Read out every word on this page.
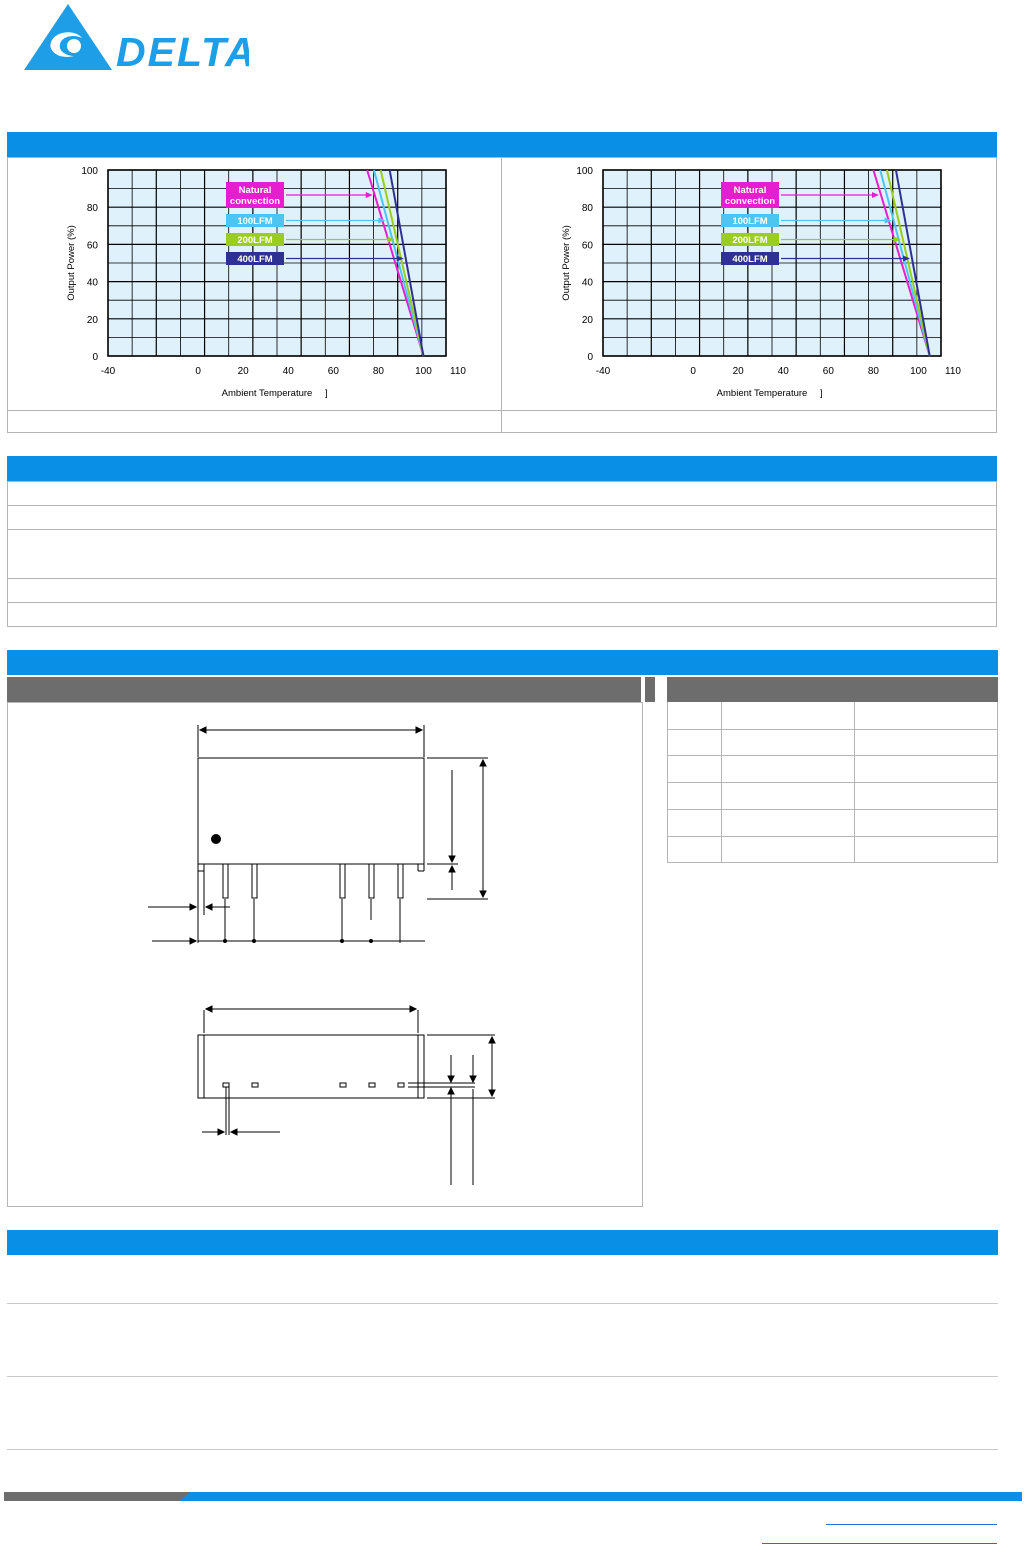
DELTA
100
80
60
40
20
0
-40	0	20	40	60	80	100 110
Output Power (%)
Ambient Temperature ]
Natural convection
100LFM
200LFM
400LFM
100
80
60
40
20
0
-40	0	20	40	60	80	100 110
Output Power (%)
Ambient Temperature ]
Natural convection
100LFM
200LFM
400LFM
